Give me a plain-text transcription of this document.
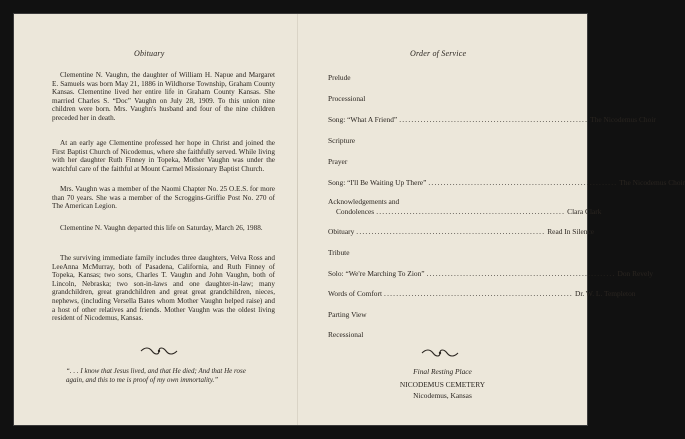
Obituary
Clementine N. Vaughn, the daughter of William H. Napue and Margaret E. Samuels was born May 21, 1886 in Wildhorse Township, Graham County Kansas. Clementine lived her entire life in Graham County Kansas. She married Charles S. “Doc” Vaughn on July 28, 1909. To this union nine children were born. Mrs. Vaughn's husband and four of the nine children preceded her in death.
At an early age Clementine professed her hope in Christ and joined the First Baptist Church of Nicodemus, where she faithfully served. While living with her daughter Ruth Finney in Topeka, Mother Vaughn was under the watchful care of the faithful at Mount Carmel Missionary Baptist Church.
Mrs. Vaughn was a member of the Naomi Chapter No. 25 O.E.S. for more than 70 years. She was a member of the Scroggins-Griffie Post No. 270 of The American Legion.
Clementine N. Vaughn departed this life on Saturday, March 26, 1988.
The surviving immediate family includes three daughters, Velva Ross and LeeAnna McMurray, both of Pasadena, California, and Ruth Finney of Topeka, Kansas; two sons, Charles T. Vaughn and John Vaughn, both of Lincoln, Nebraska; two son-in-laws and one daughter-in-law; many grandchildren, great grandchildren and great great grandchildren, nieces, nephews, (including Versella Bates whom Mother Vaughn helped raise) and a host of other relatives and friends. Mother Vaughn was the oldest living resident of Nicodemus, Kansas.
“. . . I know that Jesus lived, and that He died; And that He rose again, and this to me is proof of my own immortality.”
Order of Service
Prelude
Processional
Song: “What A Friend” .............................................................. The Nicodemus Choir
Scripture
Prayer
Song: “I'll Be Waiting Up There” .............................................................. The Nicodemus Choir
Acknowledgements and
Condolences .............................................................. Clara Clark
Obituary .............................................................. Read In Silence
Tribute
Solo: “We're Marching To Zion” .............................................................. Don Revely
Words of Comfort .............................................................. Dr. W. L. Templeton
Parting View
Recessional
Final Resting Place
NICODEMUS CEMETERY
Nicodemus, Kansas
